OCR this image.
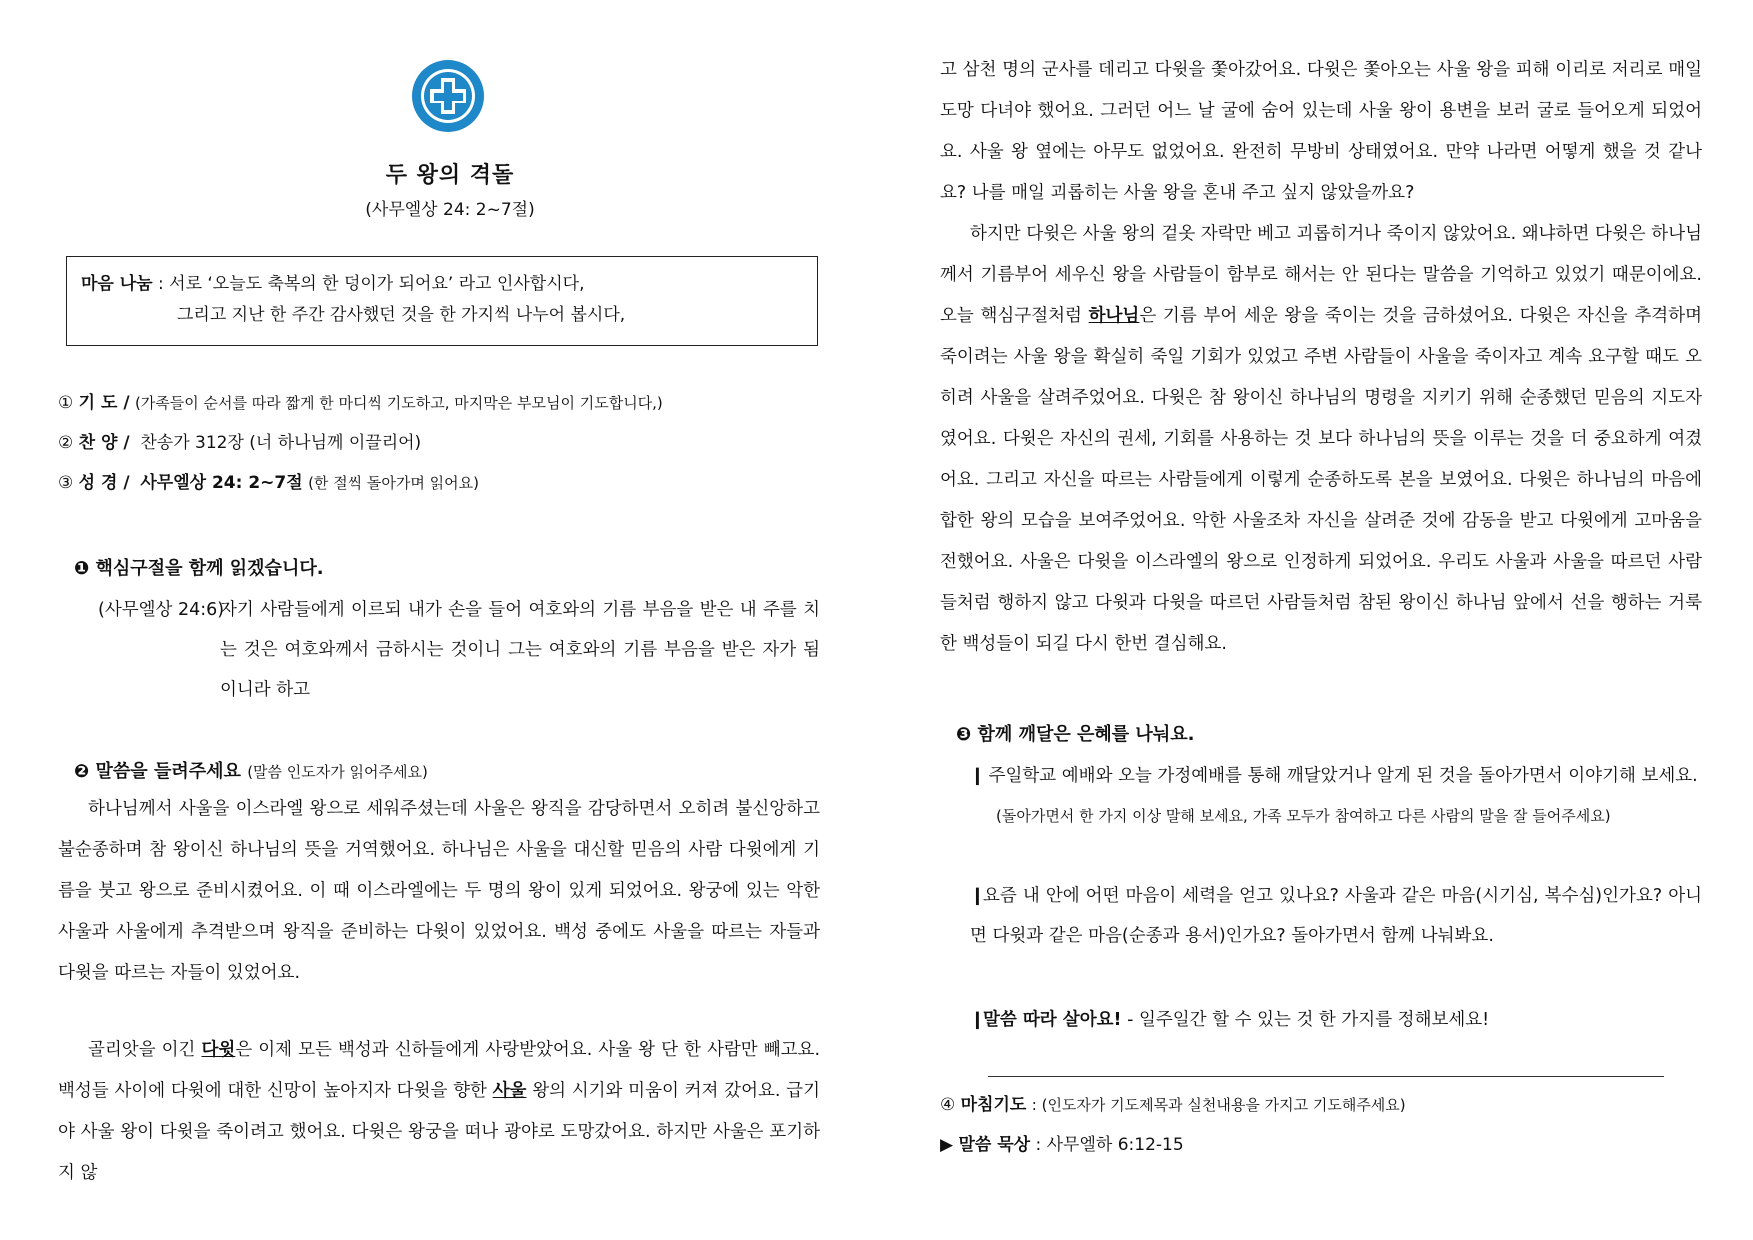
두 왕의 격돌
(사무엘상 24: 2~7절)
마음 나눔 : 서로 ‘오늘도 축복의 한 덩이가 되어요’ 라고 인사합시다,
그리고 지난 한 주간 감사했던 것을 한 가지씩 나누어 봅시다,
① 기 도 / (가족들이 순서를 따라 짧게 한 마디씩 기도하고, 마지막은 부모님이 기도합니다,)
② 찬 양 / 찬송가 312장 (너 하나님께 이끌리어)
③ 성 경 / 사무엘상 24: 2~7절 (한 절씩 돌아가며 읽어요)
❶ 핵심구절을 함께 읽겠습니다.
(사무엘상 24:6)
자기 사람들에게 이르되 내가 손을 들어 여호와의 기름 부음을 받은 내 주를 치는 것은 여호와께서 금하시는 것이니 그는 여호와의 기름 부음을 받은 자가 됨이니라 하고
❷ 말씀을 들려주세요 (말씀 인도자가 읽어주세요)

하나님께서 사울을 이스라엘 왕으로 세워주셨는데 사울은 왕직을 감당하면서 오히려 불신앙하고 불순종하며 참 왕이신 하나님의 뜻을 거역했어요. 하나님은 사울을 대신할 믿음의 사람 다윗에게 기름을 붓고 왕으로 준비시켰어요. 이 때 이스라엘에는 두 명의 왕이 있게 되었어요. 왕궁에 있는 악한 사울과 사울에게 추격받으며 왕직을 준비하는 다윗이 있었어요. 백성 중에도 사울을 따르는 자들과 다윗을 따르는 자들이 있었어요.

골리앗을 이긴 다윗은 이제 모든 백성과 신하들에게 사랑받았어요. 사울 왕 단 한 사람만 빼고요. 백성들 사이에 다윗에 대한 신망이 높아지자 다윗을 향한 사울 왕의 시기와 미움이 커져 갔어요. 급기야 사울 왕이 다윗을 죽이려고 했어요. 다윗은 왕궁을 떠나 광야로 도망갔어요. 하지만 사울은 포기하지 않

고 삼천 명의 군사를 데리고 다윗을 쫓아갔어요. 다윗은 쫓아오는 사울 왕을 피해 이리로 저리로 매일 도망 다녀야 했어요. 그러던 어느 날 굴에 숨어 있는데 사울 왕이 용변을 보러 굴로 들어오게 되었어요. 사울 왕 옆에는 아무도 없었어요. 완전히 무방비 상태였어요. 만약 나라면 어떻게 했을 것 같나요? 나를 매일 괴롭히는 사울 왕을 혼내 주고 싶지 않았을까요?

하지만 다윗은 사울 왕의 겉옷 자락만 베고 괴롭히거나 죽이지 않았어요. 왜냐하면 다윗은 하나님께서 기름부어 세우신 왕을 사람들이 함부로 해서는 안 된다는 말씀을 기억하고 있었기 때문이에요. 오늘 핵심구절처럼 하나님은 기름 부어 세운 왕을 죽이는 것을 금하셨어요. 다윗은 자신을 추격하며 죽이려는 사울 왕을 확실히 죽일 기회가 있었고 주변 사람들이 사울을 죽이자고 계속 요구할 때도 오히려 사울을 살려주었어요. 다윗은 참 왕이신 하나님의 명령을 지키기 위해 순종했던 믿음의 지도자였어요. 다윗은 자신의 권세, 기회를 사용하는 것 보다 하나님의 뜻을 이루는 것을 더 중요하게 여겼어요. 그리고 자신을 따르는 사람들에게 이렇게 순종하도록 본을 보였어요. 다윗은 하나님의 마음에 합한 왕의 모습을 보여주었어요. 악한 사울조차 자신을 살려준 것에 감동을 받고 다윗에게 고마움을 전했어요. 사울은 다윗을 이스라엘의 왕으로 인정하게 되었어요. 우리도 사울과 사울을 따르던 사람들처럼 행하지 않고 다윗과 다윗을 따르던 사람들처럼 참된 왕이신 하나님 앞에서 선을 행하는 거룩한 백성들이 되길 다시 한번 결심해요.

❸ 함께 깨달은 은혜를 나눠요.
❙ 주일학교 예배와 오늘 가정예배를 통해 깨달았거나 알게 된 것을 돌아가면서 이야기해 보세요.
(돌아가면서 한 가지 이상 말해 보세요, 가족 모두가 참여하고 다른 사람의 말을 잘 들어주세요)
❙요즘 내 안에 어떤 마음이 세력을 얻고 있나요? 사울과 같은 마음(시기심, 복수심)인가요? 아니면 다윗과 같은 마음(순종과 용서)인가요? 돌아가면서 함께 나눠봐요.
❙말씀 따라 살아요! - 일주일간 할 수 있는 것 한 가지를 정해보세요!
④ 마침기도 : (인도자가 기도제목과 실천내용을 가지고 기도해주세요)
▶ 말씀 묵상 : 사무엘하 6:12-15
